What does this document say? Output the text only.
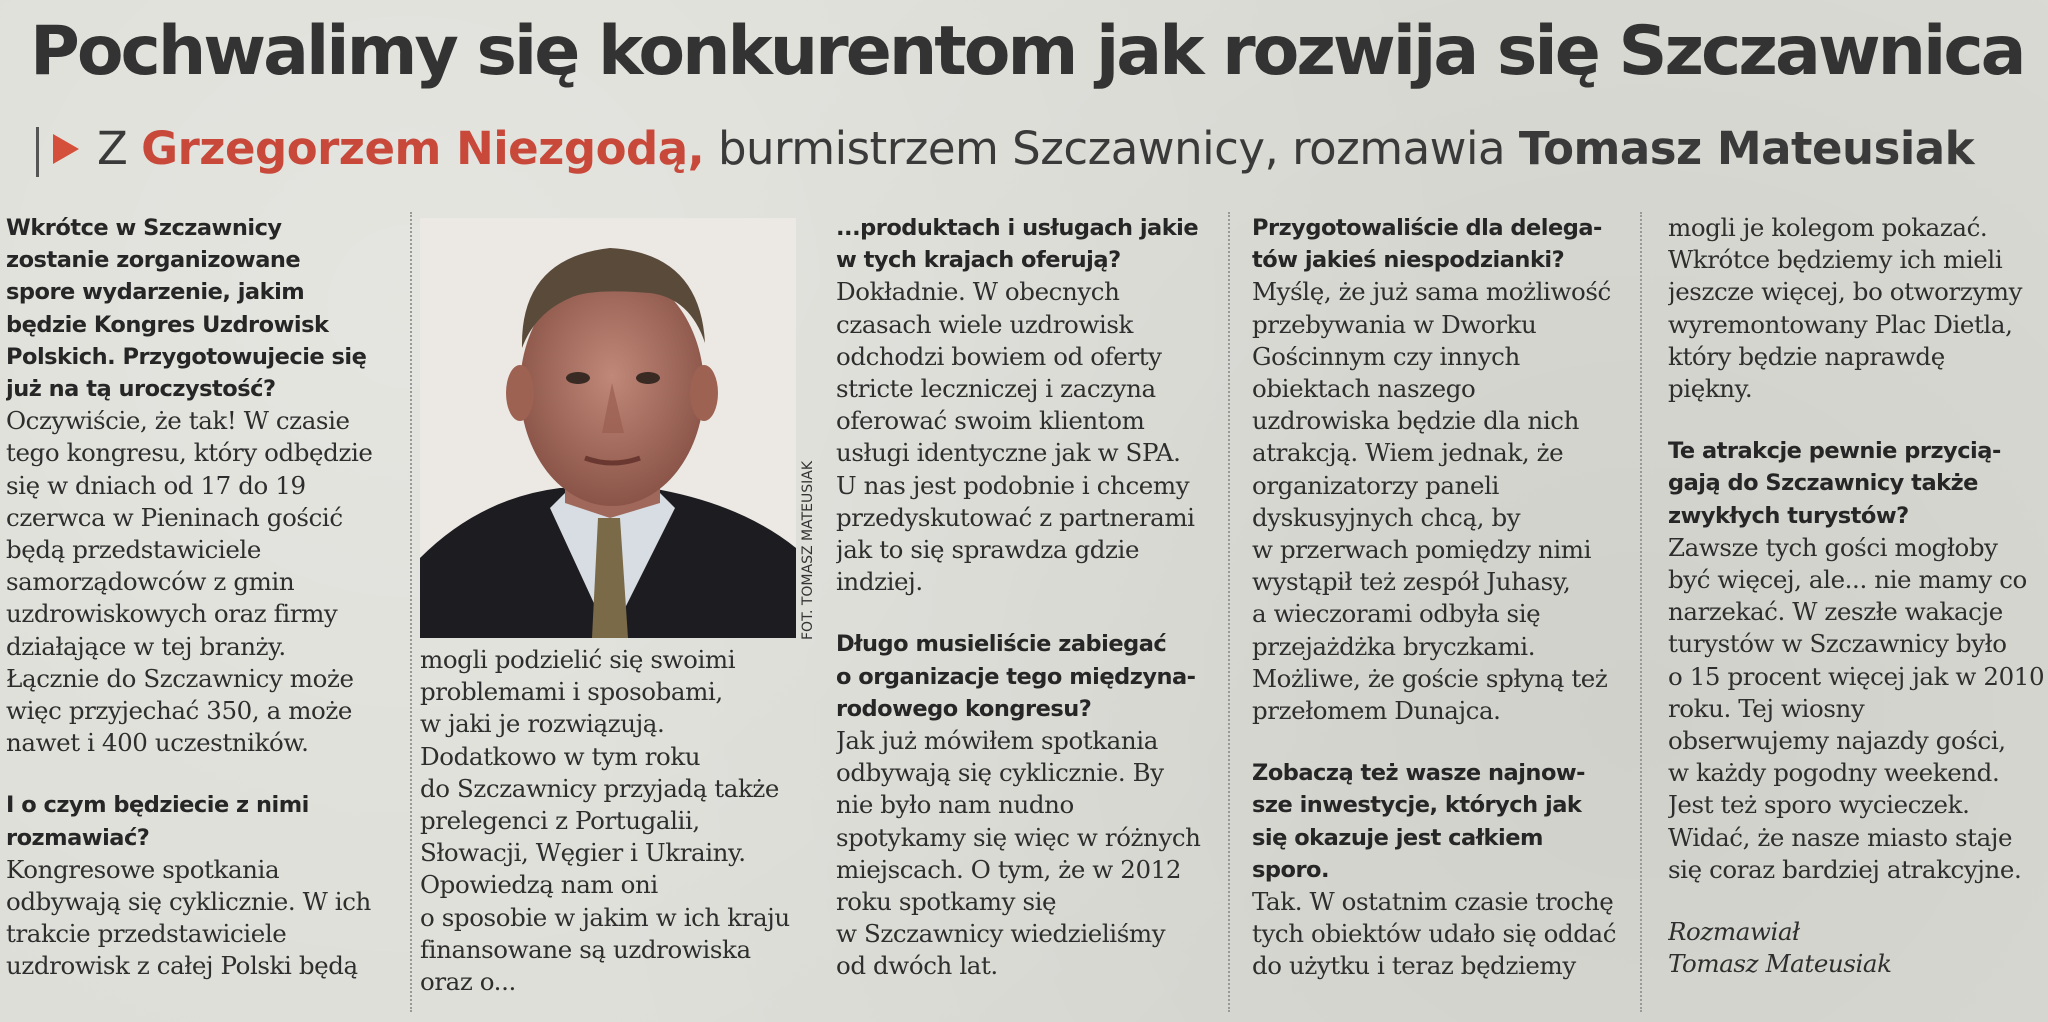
Pochwalimy się konkurentom jak rozwija się Szczawnica
Z Grzegorzem Niezgodą, burmistrzem Szczawnicy, rozmawia Tomasz Mateusiak
FOT. TOMASZ MATEUSIAK
Wkrótce w Szczawnicy
zostanie zorganizowane
spore wydarzenie, jakim
będzie Kongres Uzdrowisk
Polskich. Przygotowujecie się
już na tą uroczystość?
Oczywiście, że tak! W czasie
tego kongresu, który odbędzie
się w dniach od 17 do 19
czerwca w Pieninach gościć
będą przedstawiciele
samorządowców z gmin
uzdrowiskowych oraz firmy
działające w tej branży.
Łącznie do Szczawnicy może
więc przyjechać 350, a może
nawet i 400 uczestników.
I o czym będziecie z nimi
rozmawiać?
Kongresowe spotkania
odbywają się cyklicznie. W ich
trakcie przedstawiciele
uzdrowisk z całej Polski będą
mogli podzielić się swoimi
problemami i sposobami,
w jaki je rozwiązują.
Dodatkowo w tym roku
do Szczawnicy przyjadą także
prelegenci z Portugalii,
Słowacji, Węgier i Ukrainy.
Opowiedzą nam oni
o sposobie w jakim w ich kraju
finansowane są uzdrowiska
oraz o...
...produktach i usługach jakie
w tych krajach oferują?
Dokładnie. W obecnych
czasach wiele uzdrowisk
odchodzi bowiem od oferty
stricte leczniczej i zaczyna
oferować swoim klientom
usługi identyczne jak w SPA.
U nas jest podobnie i chcemy
przedyskutować z partnerami
jak to się sprawdza gdzie
indziej.
Długo musieliście zabiegać
o organizacje tego międzyna-
rodowego kongresu?
Jak już mówiłem spotkania
odbywają się cyklicznie. By
nie było nam nudno
spotykamy się więc w różnych
miejscach. O tym, że w 2012
roku spotkamy się
w Szczawnicy wiedzieliśmy
od dwóch lat.
Przygotowaliście dla delega-
tów jakieś niespodzianki?
Myślę, że już sama możliwość
przebywania w Dworku
Gościnnym czy innych
obiektach naszego
uzdrowiska będzie dla nich
atrakcją. Wiem jednak, że
organizatorzy paneli
dyskusyjnych chcą, by
w przerwach pomiędzy nimi
wystąpił też zespół Juhasy,
a wieczorami odbyła się
przejażdżka bryczkami.
Możliwe, że goście spłyną też
przełomem Dunajca.
Zobaczą też wasze najnow-
sze inwestycje, których jak
się okazuje jest całkiem
sporo.
Tak. W ostatnim czasie trochę
tych obiektów udało się oddać
do użytku i teraz będziemy
mogli je kolegom pokazać.
Wkrótce będziemy ich mieli
jeszcze więcej, bo otworzymy
wyremontowany Plac Dietla,
który będzie naprawdę
piękny.
Te atrakcje pewnie przycią-
gają do Szczawnicy także
zwykłych turystów?
Zawsze tych gości mogłoby
być więcej, ale... nie mamy co
narzekać. W zeszłe wakacje
turystów w Szczawnicy było
o 15 procent więcej jak w 2010
roku. Tej wiosny
obserwujemy najazdy gości,
w każdy pogodny weekend.
Jest też sporo wycieczek.
Widać, że nasze miasto staje
się coraz bardziej atrakcyjne.
Rozmawiał
Tomasz Mateusiak
